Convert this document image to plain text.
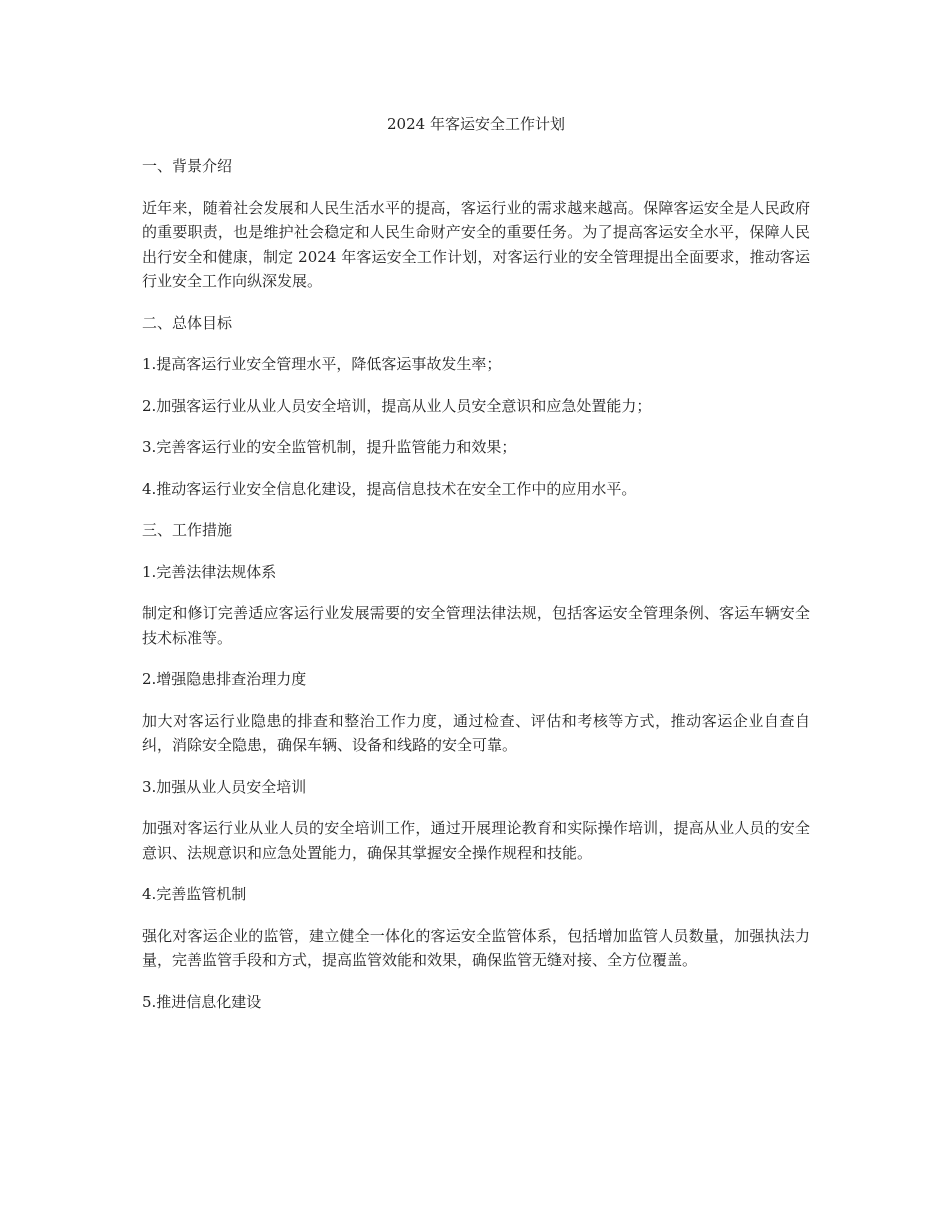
2024 年客运安全工作计划

一、背景介绍

近年来，随着社会发展和人民生活水平的提高，客运行业的需求越来越高。保障客运安全是人民政府的重要职责，也是维护社会稳定和人民生命财产安全的重要任务。为了提高客运安全水平，保障人民出行安全和健康，制定 2024 年客运安全工作计划，对客运行业的安全管理提出全面要求，推动客运行业安全工作向纵深发展。

二、总体目标

1.提高客运行业安全管理水平，降低客运事故发生率；

2.加强客运行业从业人员安全培训，提高从业人员安全意识和应急处置能力；

3.完善客运行业的安全监管机制，提升监管能力和效果；

4.推动客运行业安全信息化建设，提高信息技术在安全工作中的应用水平。

三、工作措施

1.完善法律法规体系

制定和修订完善适应客运行业发展需要的安全管理法律法规，包括客运安全管理条例、客运车辆安全技术标准等。

2.增强隐患排查治理力度

加大对客运行业隐患的排查和整治工作力度，通过检查、评估和考核等方式，推动客运企业自查自纠，消除安全隐患，确保车辆、设备和线路的安全可靠。

3.加强从业人员安全培训

加强对客运行业从业人员的安全培训工作，通过开展理论教育和实际操作培训，提高从业人员的安全意识、法规意识和应急处置能力，确保其掌握安全操作规程和技能。

4.完善监管机制

强化对客运企业的监管，建立健全一体化的客运安全监管体系，包括增加监管人员数量，加强执法力量，完善监管手段和方式，提高监管效能和效果，确保监管无缝对接、全方位覆盖。

5.推进信息化建设
